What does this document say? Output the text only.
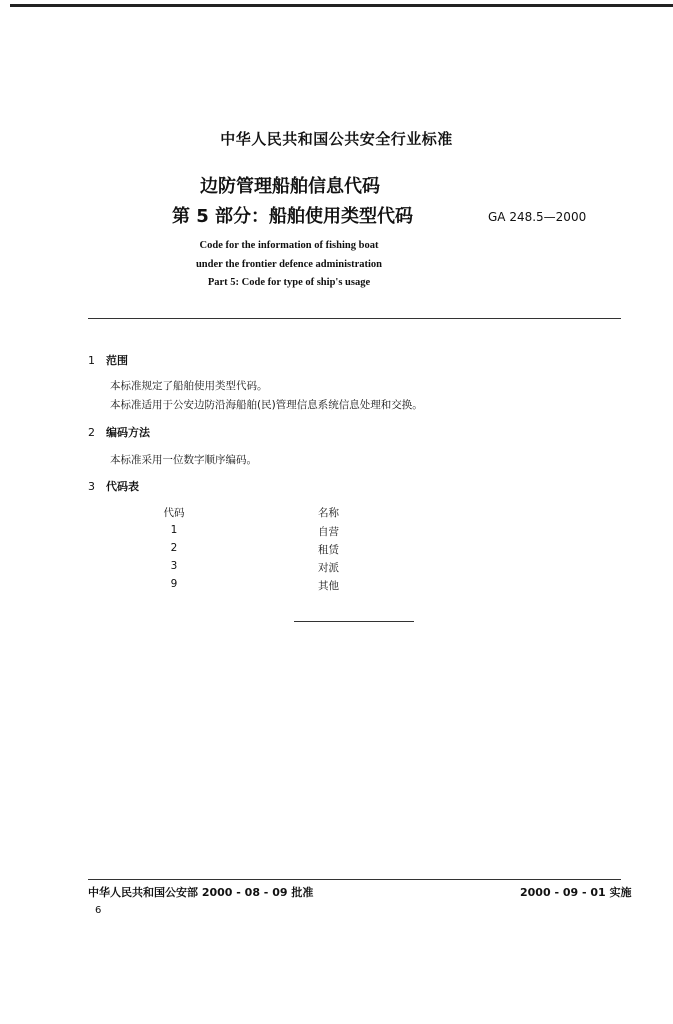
中华人民共和国公共安全行业标准
边防管理船舶信息代码
第 5 部分：船舶使用类型代码	GA 248.5—2000
Code for the information of fishing boat
under the frontier defence administration
Part 5: Code for type of ship's usage
1 范围
本标准规定了船舶使用类型代码。
本标准适用于公安边防沿海船舶(民)管理信息系统信息处理和交换。
2 编码方法
本标准采用一位数字顺序编码。
3 代码表
代码	名称
1	自营
2	租赁
3	对派
9	其他
中华人民共和国公安部 2000 - 08 - 09 批准	2000 - 09 - 01 实施
6
